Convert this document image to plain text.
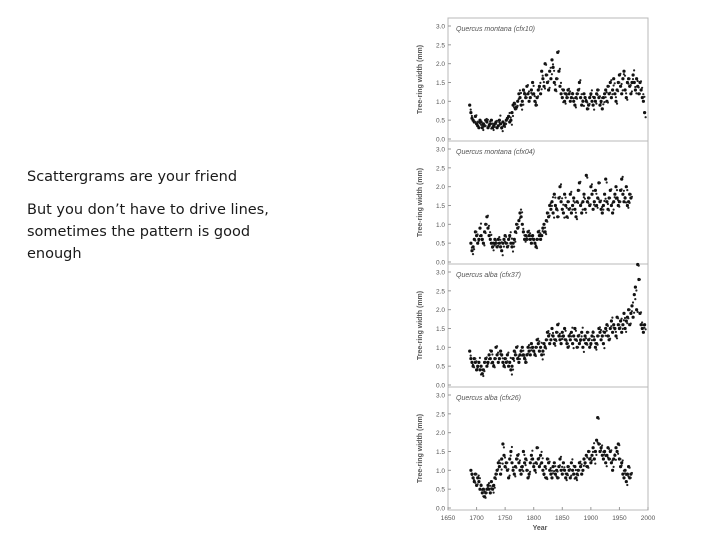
Scattergrams are your friend

But you don’t have to drive lines, sometimes the pattern is good enough

0.0
0.5
1.0
1.5
2.0
2.5
3.0
Tree-ring width (mm)
Quercus montana (cfx10)
0.0
0.5
1.0
1.5
2.0
2.5
3.0
Tree-ring width (mm)
Quercus montana (cfx04)
0.0
0.5
1.0
1.5
2.0
2.5
3.0
Tree-ring width (mm)
Quercus alba (cfx37)
0.0
0.5
1.0
1.5
2.0
2.5
3.0
Tree-ring width (mm)
Quercus alba (cfx26)
1650 1700 1750 1800 1850 1900 1950 2000
Year
